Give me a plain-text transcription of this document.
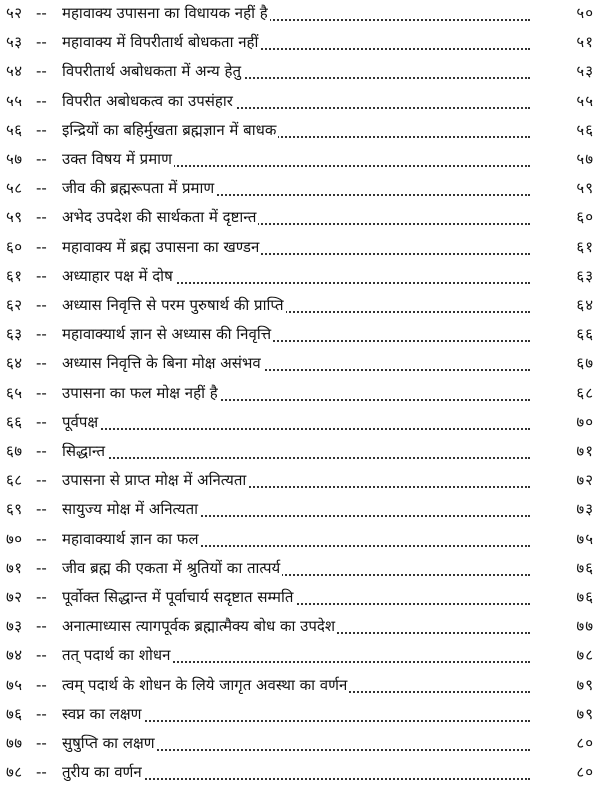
५२ --	महावाक्य उपासना का विधायक नहीं है	५०
५३ --	महावाक्य में विपरीतार्थ बोधकता नहीं	५१
५४ --	विपरीतार्थ अबोधकता में अन्य हेतु	५३
५५ --	विपरीत अबोधकत्व का उपसंहार	५५
५६ --	इन्द्रियों का बहिर्मुखता ब्रह्मज्ञान में बाधक	५६
५७ --	उक्त विषय में प्रमाण	५७
५८ --	जीव की ब्रह्मरूपता में प्रमाण	५९
५९ --	अभेद उपदेश की सार्थकता में दृष्टान्त	६०
६० --	महावाक्य में ब्रह्म उपासना का खण्डन	६१
६१ --	अध्याहार पक्ष में दोष	६३
६२ --	अध्यास निवृत्ति से परम पुरुषार्थ की प्राप्ति	६४
६३ --	महावाक्यार्थ ज्ञान से अध्यास की निवृत्ति	६६
६४ --	अध्यास निवृत्ति के बिना मोक्ष असंभव	६७
६५ --	उपासना का फल मोक्ष नहीं है	६८
६६ --	पूर्वपक्ष	७०
६७ --	सिद्धान्त	७१
६८ --	उपासना से प्राप्त मोक्ष में अनित्यता	७२
६९ --	सायुज्य मोक्ष में अनित्यता	७३
७० --	महावाक्यार्थ ज्ञान का फल	७५
७१ --	जीव ब्रह्म की एकता में श्रुतियों का तात्पर्य	७६
७२ --	पूर्वोक्त सिद्धान्त में पूर्वाचार्य सदृष्टात सम्मति	७६
७३ --	अनात्माध्यास त्यागपूर्वक ब्रह्मात्मैक्य बोध का उपदेश	७७
७४ --	तत् पदार्थ का शोधन	७८
७५ --	त्वम् पदार्थ के शोधन के लिये जागृत अवस्था का वर्णन	७९
७६ --	स्वप्न का लक्षण	७९
७७ --	सुषुप्ति का लक्षण	८०
७८ --	तुरीय का वर्णन	८०
